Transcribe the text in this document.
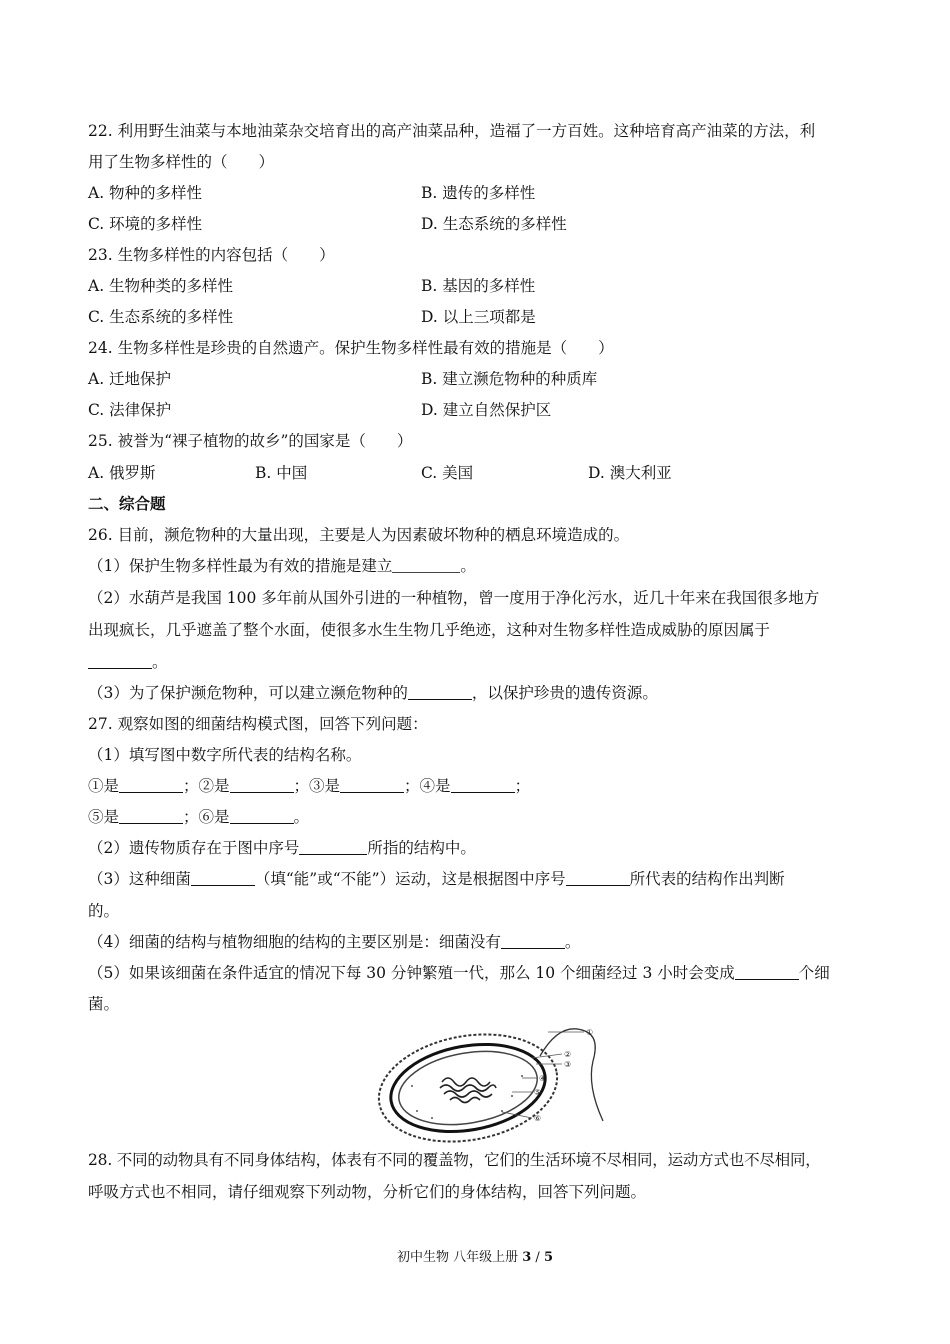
22. 利用野生油菜与本地油菜杂交培育出的高产油菜品种，造福了一方百姓。这种培育高产油菜的方法，利
用了生物多样性的（　　）
A. 物种的多样性	B. 遗传的多样性
C. 环境的多样性	D. 生态系统的多样性
23. 生物多样性的内容包括（　　）
A. 生物种类的多样性	B. 基因的多样性
C. 生态系统的多样性	D. 以上三项都是
24. 生物多样性是珍贵的自然遗产。保护生物多样性最有效的措施是（　　）
A. 迁地保护	B. 建立濒危物种的种质库
C. 法律保护	D. 建立自然保护区
25. 被誉为“裸子植物的故乡”的国家是（　　）
A. 俄罗斯	B. 中国	C. 美国	D. 澳大利亚
二、综合题
26. 目前，濒危物种的大量出现，主要是人为因素破坏物种的栖息环境造成的。
（1）保护生物多样性最为有效的措施是建立	。
（2）水葫芦是我国 100 多年前从国外引进的一种植物，曾一度用于净化污水，近几十年来在我国很多地方
出现疯长，几乎遮盖了整个水面，使很多水生生物几乎绝迹，这种对生物多样性造成威胁的原因属于
。
（3）为了保护濒危物种，可以建立濒危物种的	，以保护珍贵的遗传资源。
27. 观察如图的细菌结构模式图，回答下列问题：
（1）填写图中数字所代表的结构名称。
①是	；②是	；③是	；④是	；
⑤是	；⑥是	。
（2）遗传物质存在于图中序号	所指的结构中。
（3）这种细菌	（填“能”或“不能”）运动，这是根据图中序号	所代表的结构作出判断
的。
（4）细菌的结构与植物细胞的结构的主要区别是：细菌没有	。
（5）如果该细菌在条件适宜的情况下每 30 分钟繁殖一代，那么 10 个细菌经过 3 小时会变成	个细
菌。
①
②
③
④
⑤
⑥
28. 不同的动物具有不同身体结构，体表有不同的覆盖物，它们的生活环境不尽相同，运动方式也不尽相同，
呼吸方式也不相同，请仔细观察下列动物，分析它们的身体结构，回答下列问题。
初中生物 八年级上册 3 / 5
